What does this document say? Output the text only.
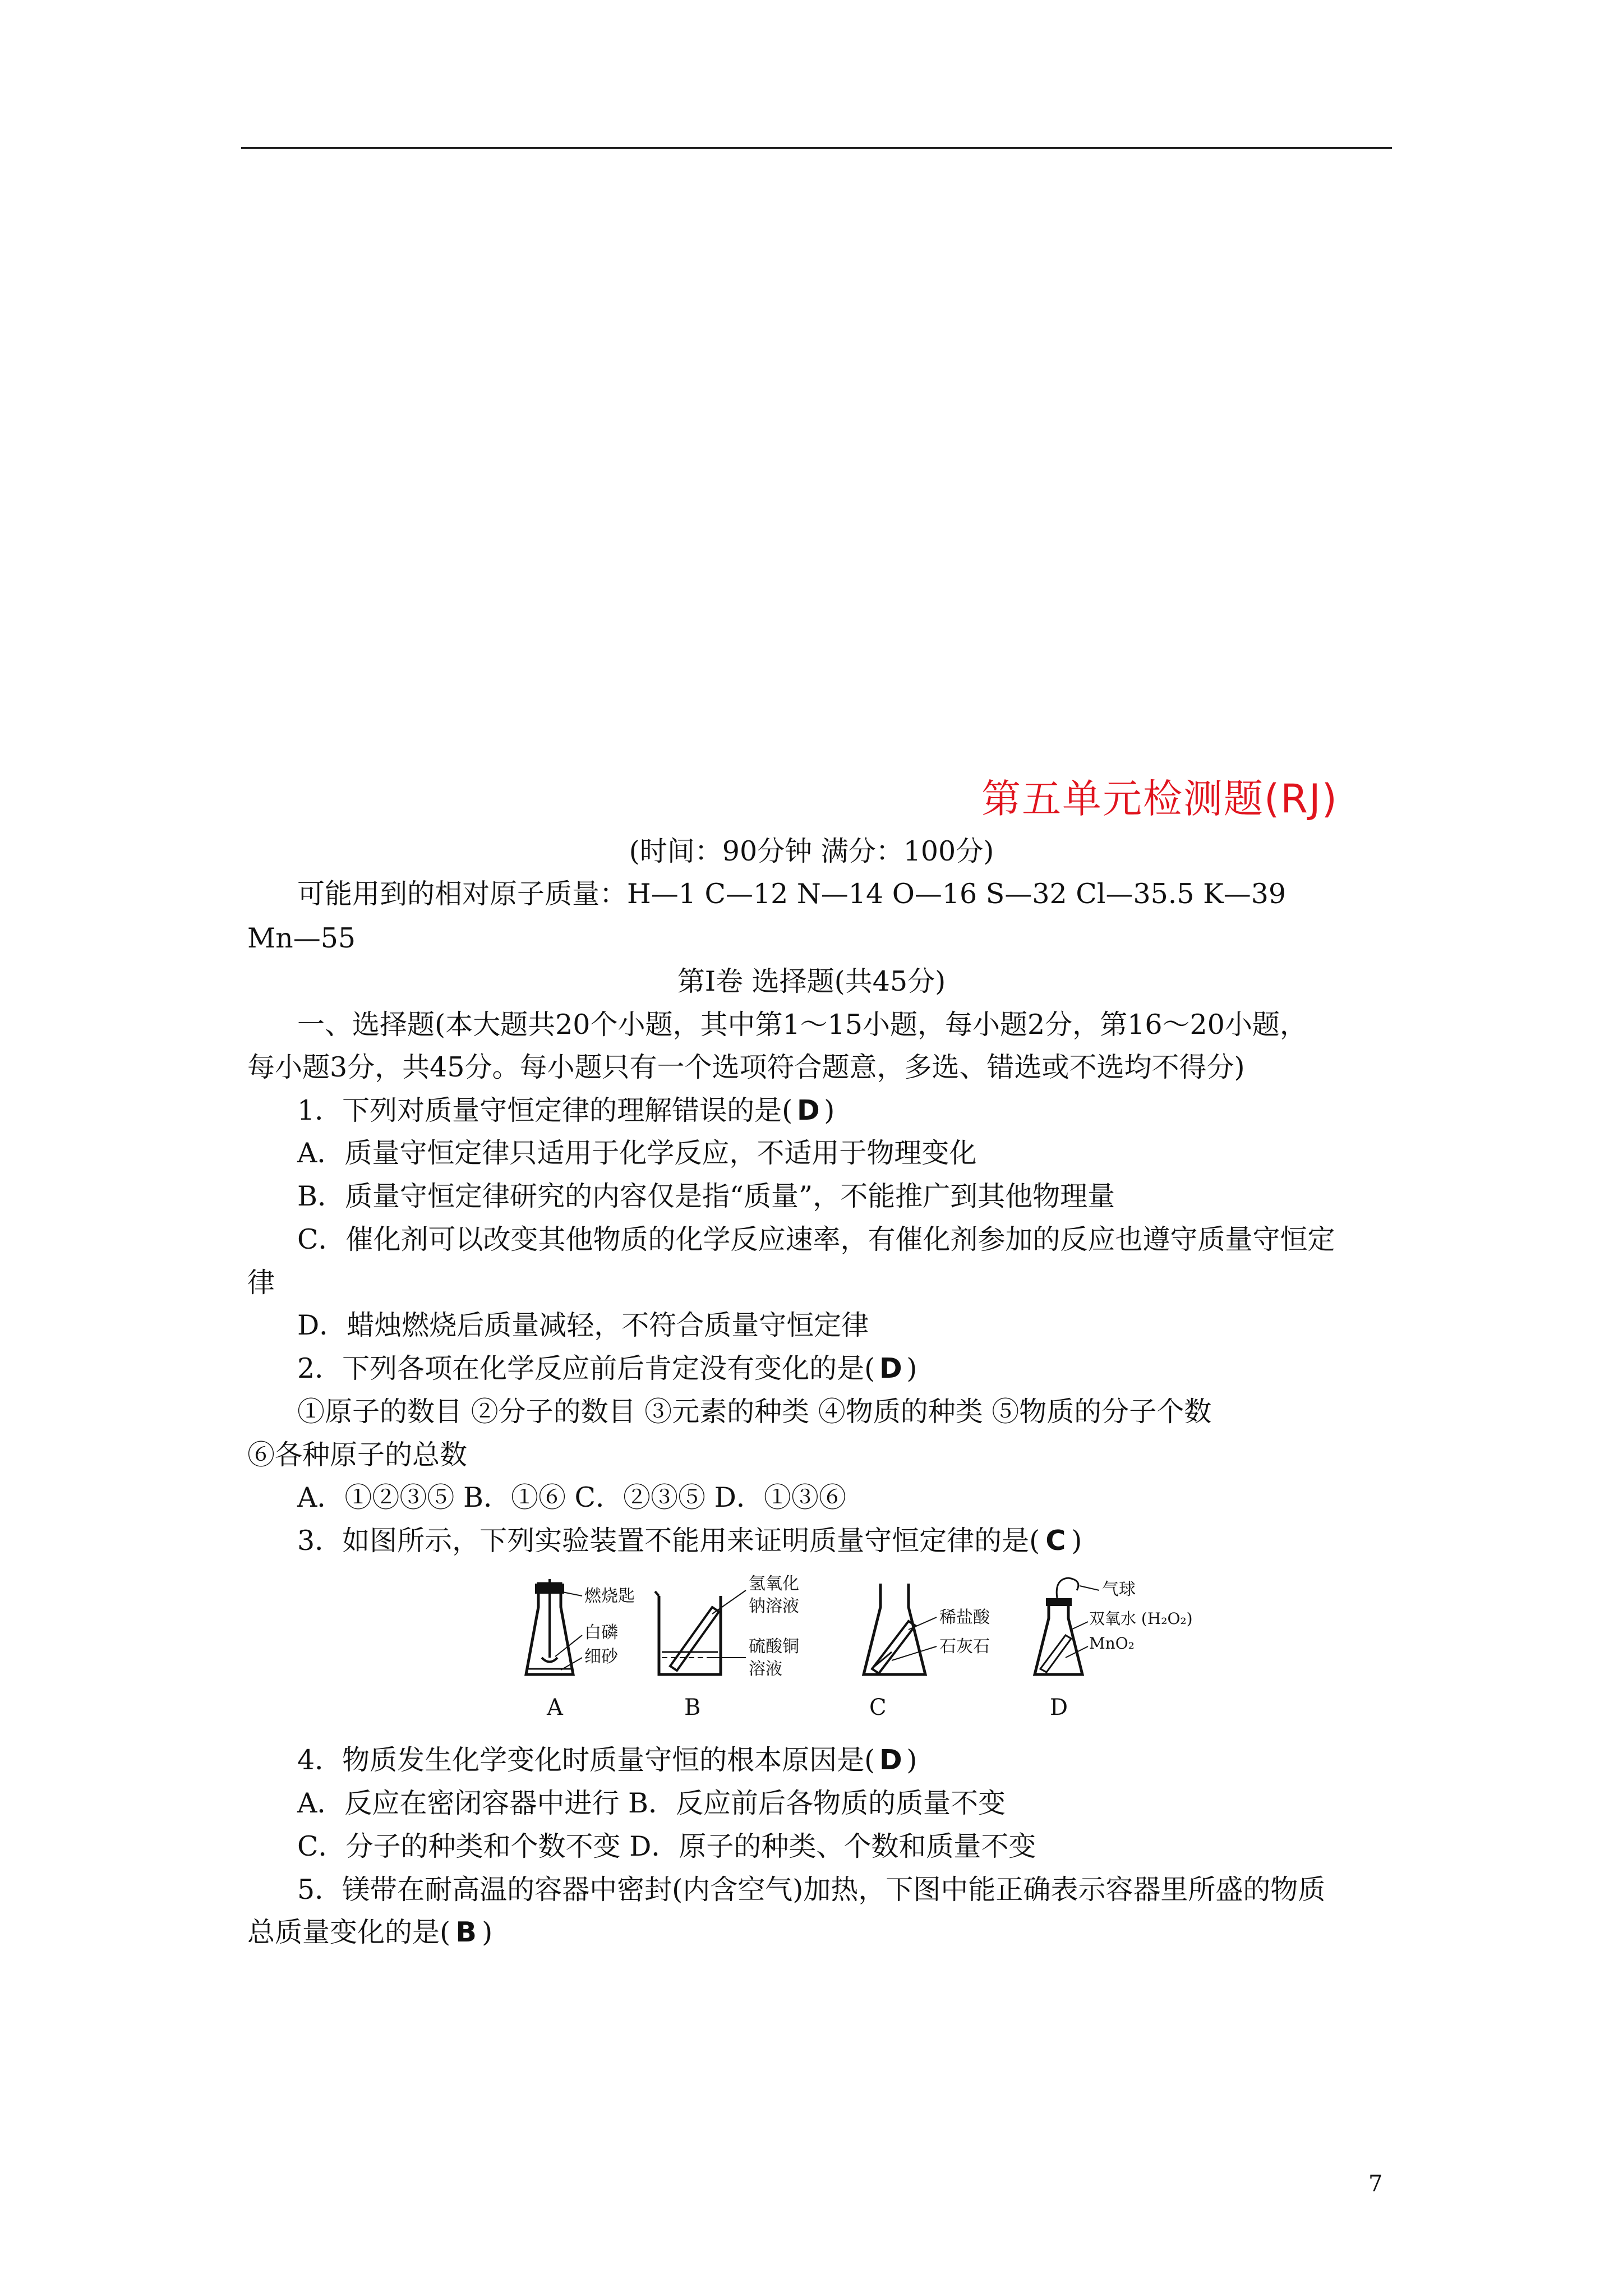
第五单元检测题(RJ)
(时间：90分钟 满分：100分)
可能用到的相对原子质量：H—1 C—12 N—14 O—16 S—32 Cl—35.5 K—39
Mn—55
第Ⅰ卷 选择题(共45分)
一、选择题(本大题共20个小题，其中第1～15小题，每小题2分，第16～20小题，
每小题3分，共45分。每小题只有一个选项符合题意，多选、错选或不选均不得分)
1．下列对质量守恒定律的理解错误的是( D )
A．质量守恒定律只适用于化学反应，不适用于物理变化
B．质量守恒定律研究的内容仅是指“质量”，不能推广到其他物理量
C．催化剂可以改变其他物质的化学反应速率，有催化剂参加的反应也遵守质量守恒定
律
D．蜡烛燃烧后质量减轻，不符合质量守恒定律
2．下列各项在化学反应前后肯定没有变化的是( D )
①原子的数目 ②分子的数目 ③元素的种类 ④物质的种类 ⑤物质的分子个数
⑥各种原子的总数
A．①②③⑤ B．①⑥ C．②③⑤ D．①③⑥
3．如图所示，下列实验装置不能用来证明质量守恒定律的是( C )
燃烧匙
白磷
细砂
A
氢氧化
钠溶液
硫酸铜
溶液
B
稀盐酸
石灰石
C
气球
双氧水 (H₂O₂)
MnO₂
D
4．物质发生化学变化时质量守恒的根本原因是( D )
A．反应在密闭容器中进行 B．反应前后各物质的质量不变
C．分子的种类和个数不变 D．原子的种类、个数和质量不变
5．镁带在耐高温的容器中密封(内含空气)加热，下图中能正确表示容器里所盛的物质
总质量变化的是( B )
7
